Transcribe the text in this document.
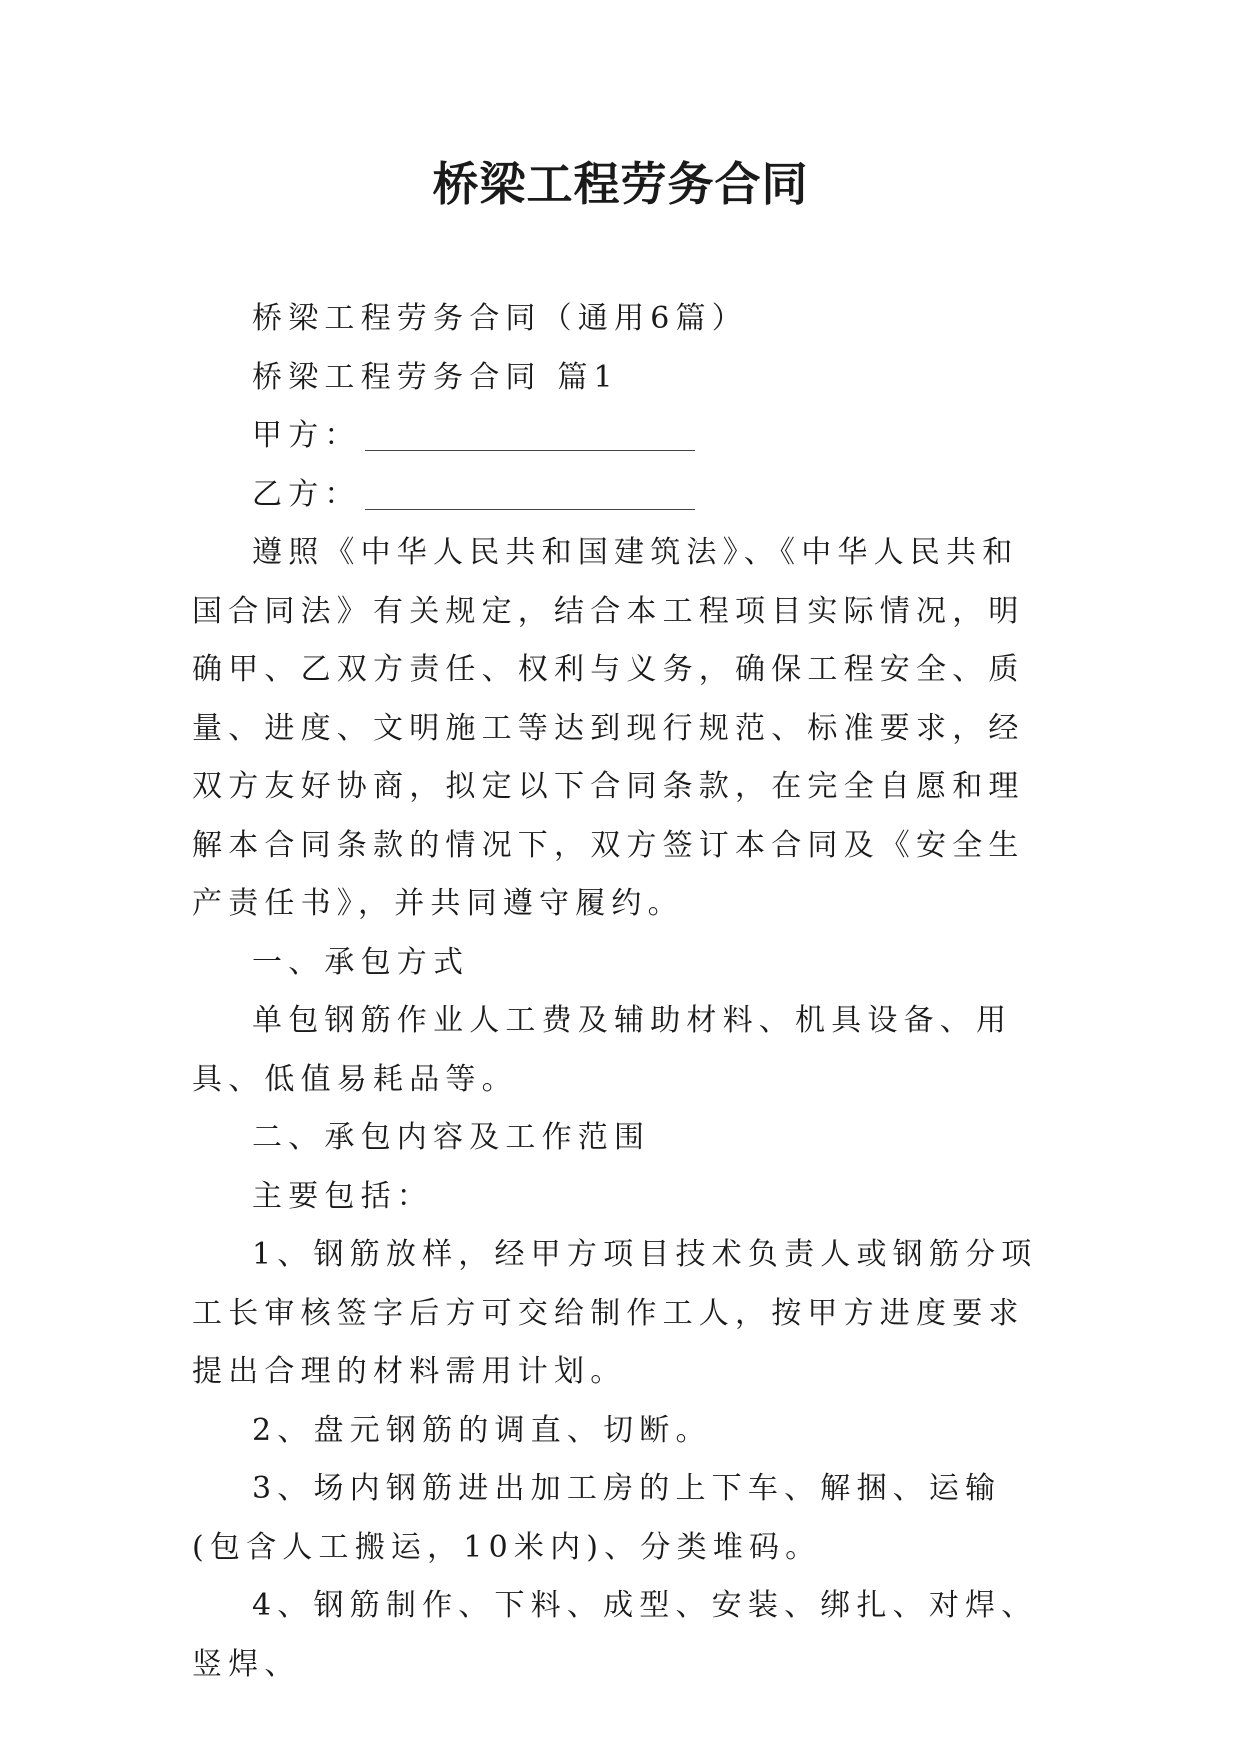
桥梁工程劳务合同

桥梁工程劳务合同（通用6篇）

桥梁工程劳务合同 篇1

甲方：

乙方：

遵照《中华人民共和国建筑法》、《中华人民共和国合同法》有关规定，结合本工程项目实际情况，明确甲、乙双方责任、权利与义务，确保工程安全、质量、进度、文明施工等达到现行规范、标准要求，经双方友好协商，拟定以下合同条款，在完全自愿和理解本合同条款的情况下，双方签订本合同及《安全生产责任书》，并共同遵守履约。

一、承包方式

单包钢筋作业人工费及辅助材料、机具设备、用具、低值易耗品等。

二、承包内容及工作范围

主要包括：

1、钢筋放样，经甲方项目技术负责人或钢筋分项工长审核签字后方可交给制作工人，按甲方进度要求提出合理的材料需用计划。

2、盘元钢筋的调直、切断。

3、场内钢筋进出加工房的上下车、解捆、运输(包含人工搬运，10米内)、分类堆码。

4、钢筋制作、下料、成型、安装、绑扎、对焊、竖焊、
